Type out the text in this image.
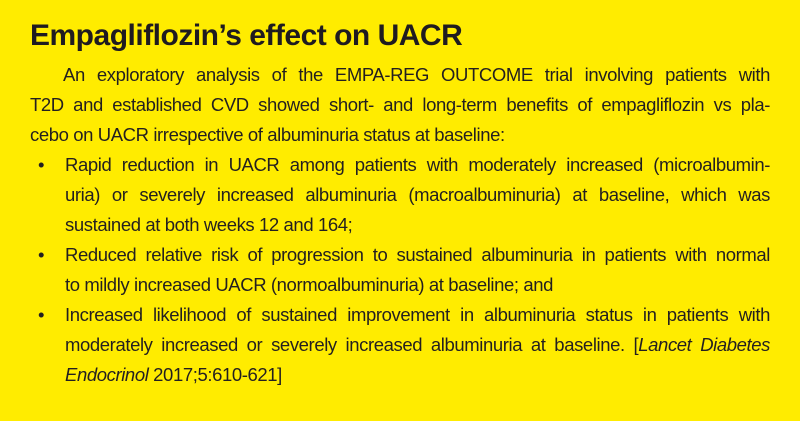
Empagliflozin’s effect on UACR
An exploratory analysis of the EMPA-REG OUTCOME trial involving patients with
T2D and established CVD showed short- and long-term benefits of empagliflozin vs pla-
cebo on UACR irrespective of albuminuria status at baseline:
•	Rapid reduction in UACR among patients with moderately increased (microalbumin-
uria) or severely increased albuminuria (macroalbuminuria) at baseline, which was
sustained at both weeks 12 and 164;
•	Reduced relative risk of progression to sustained albuminuria in patients with normal
to mildly increased UACR (normoalbuminuria) at baseline; and
•	Increased likelihood of sustained improvement in albuminuria status in patients with
moderately increased or severely increased albuminuria at baseline. [Lancet Diabetes
Endocrinol 2017;5:610-621]
